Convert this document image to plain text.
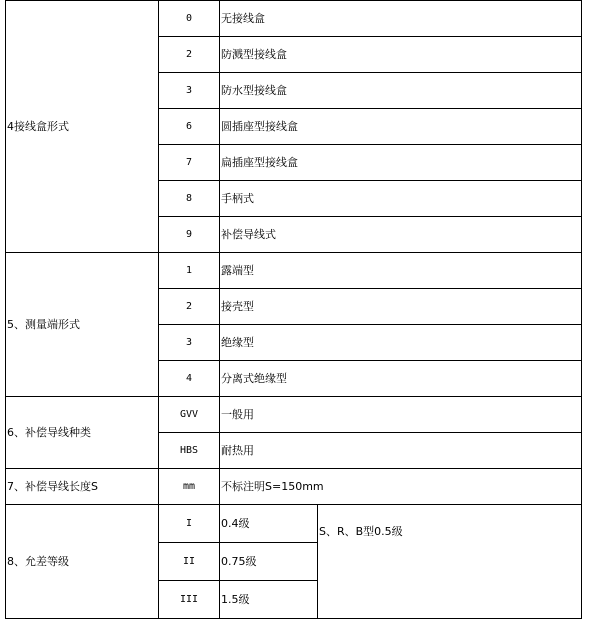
4接线盒形式	0	无接线盒	
	2	防溅型接线盒	
	3	防水型接线盒	
	6	圆插座型接线盒	
	7	扁插座型接线盒	
	8	手柄式	
	9	补偿导线式	
5、测量端形式	1	露端型	
	2	接壳型	
	3	绝缘型	
	4	分离式绝缘型	
6、补偿导线种类	GVV	一般用	
	HBS	耐热用	
7、补偿导线长度S	mm	不标注明S=150mm	
8、允差等级	I	0.4级	S、R、B型0.5级
	II	0.75级	
	III	1.5级	
